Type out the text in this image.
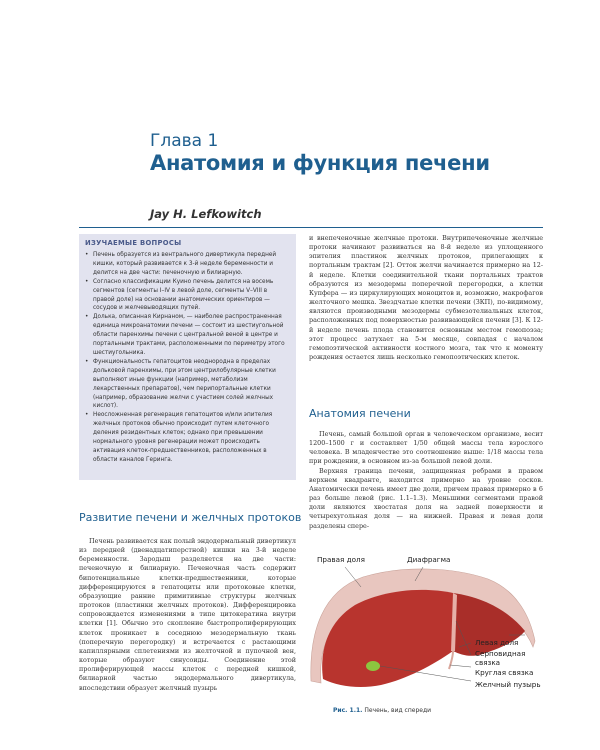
Глава 1
Анатомия и функция печени
Jay H. Lefkowitch
ИЗУЧАЕМЫЕ ВОПРОСЫ
• Печень образуется из вентрального дивертикула передней кишки, который развивается к 3-й неделе беременности и делится на две части: печеночную и билиарную.
• Согласно классификации Куино печень делится на восемь сегментов (сегменты I–IV в левой доле, сегменты V–VIII в правой доле) на основании анатомических ориентиров — сосудов и желчевыводящих путей.
• Долька, описанная Кирнаном, — наиболее распространенная единица микроанатомии печени — состоит из шестиугольной области паренхимы печени с центральной веной в центре и портальными трактами, расположенными по периметру этого шестиугольника.
• Функциональность гепатоцитов неоднородна в пределах дольковой паренхимы, при этом центрилобулярные клетки выполняют иные функции (например, метаболизм лекарственных препаратов), чем перипортальные клетки (например, образование желчи с участием солей желчных кислот).
• Неосложненная регенерация гепатоцитов и/или эпителия желчных протоков обычно происходит путем клеточного деления резидентных клеток; однако при превышении нормального уровня регенерации может происходить активация клеток-предшественников, расположенных в области каналов Геринга.
Развитие печени и желчных протоков

Печень развивается как полый эндодермальный дивертикул из передней (двенадцатиперстной) кишки на 3-й неделе беременности. Зародыш разделяется на две части: печеночную и билиарную. Печеночная часть содержит бипотенциальные клетки-предшественники, которые дифференцируются в гепатоциты или протоковые клетки, образующие ранние примитивные структуры желчных протоков (пластинки желчных протоков). Дифференцировка сопровождается изменениями в типе цитокератина внутри клетки [1]. Обычно это скопление быстропролиферирующих клеток проникает в соседнюю мезодермальную ткань (поперечную перегородку) и встречается с растающими капиллярными сплетениями из желточной и пупочной вен, которые образуют синусоиды. Соединение этой пролиферирующей массы клеток с передней кишкой, билиарной частью эндодермального дивертикула, впоследствии образует желчный пузырь

и внепеченочные желчные протоки. Внутрипеченочные желчные протоки начинают развиваться на 8-й неделе из уплощенного эпителия пластинок желчных протоков, прилегающих к портальным трактам [2]. Отток желчи начинается примерно на 12-й неделе. Клетки соединительной ткани портальных трактов образуются из мезодермы поперечной перегородки, а клетки Купфера — из циркулирующих моноцитов и, возможно, макрофагов желточного мешка. Звездчатые клетки печени (ЗКП), по-видимому, являются производными мезодермы субмезотелиальных клеток, расположенных под поверхностью развивающейся печени [3]. К 12-й неделе печень плода становится основным местом гемопоэза; этот процесс затухает на 5-м месяце, совпадая с началом гемопоэтической активности костного мозга, так что к моменту рождения остается лишь несколько гемопоэтических клеток.

Анатомия печени

Печень, самый большой орган в человеческом организме, весит 1200–1500 г и составляет 1/50 общей массы тела взрослого человека. В младенчестве это соотношение выше: 1/18 массы тела при рождении, в основном из-за большой левой доли.

Верхняя граница печени, защищенная ребрами в правом верхнем квадранте, находится примерно на уровне сосков. Анатомически печень имеет две доли, причем правая примерно в 6 раз больше левой (рис. 1.1–1.3). Меньшими сегментами правой доли являются хвостатая доля на задней поверхности и четырехугольная доля — на нижней. Правая и левая доли разделены спере-

Правая доля	Диафрагма
Левая доля
Серповидная
связка
Круглая связка
Желчный пузырь
Рис. 1.1. Печень, вид спереди
